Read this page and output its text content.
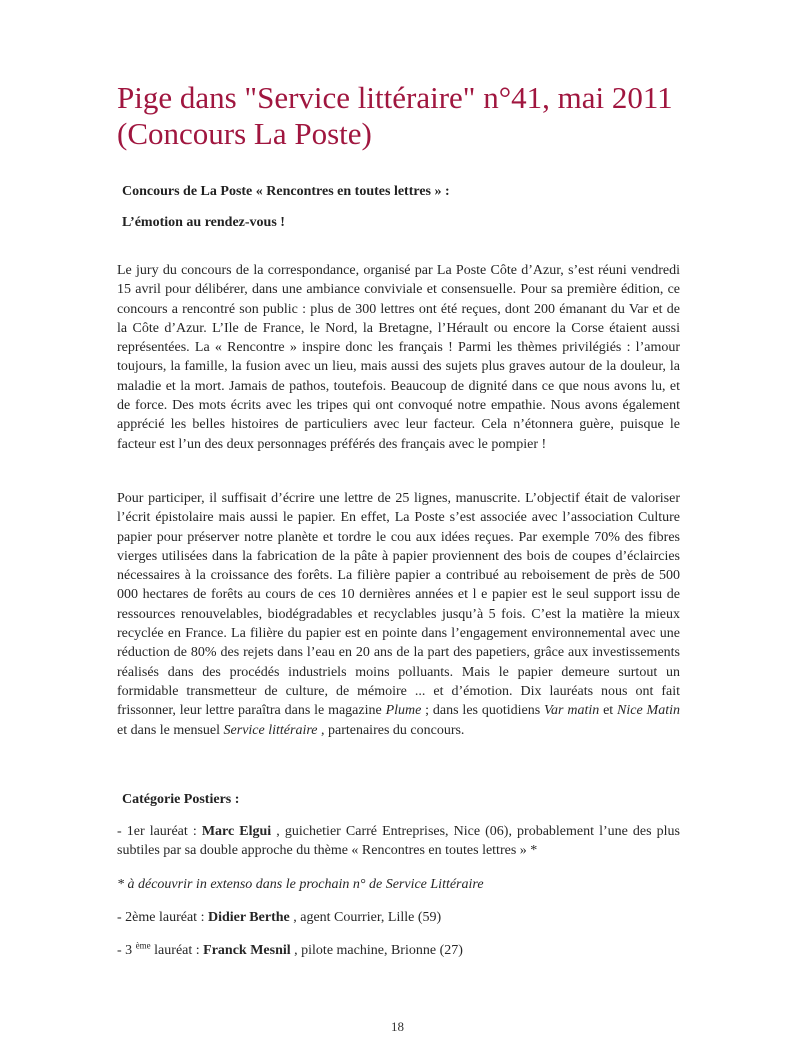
Pige dans "Service littéraire" n°41, mai 2011 (Concours La Poste)

Concours de La Poste « Rencontres en toutes lettres » :

L’émotion au rendez-vous !

Le jury du concours de la correspondance, organisé par La Poste Côte d’Azur, s’est réuni vendredi 15 avril pour délibérer, dans une ambiance conviviale et consensuelle. Pour sa première édition, ce concours a rencontré son public : plus de 300 lettres ont été reçues, dont 200 émanant du Var et de la Côte d’Azur. L’Ile de France, le Nord, la Bretagne, l’Hérault ou encore la Corse étaient aussi représentées. La « Rencontre » inspire donc les français ! Parmi les thèmes privilégiés : l’amour toujours, la famille, la fusion avec un lieu, mais aussi des sujets plus graves autour de la douleur, la maladie et la mort. Jamais de pathos, toutefois. Beaucoup de dignité dans ce que nous avons lu, et de force. Des mots écrits avec les tripes qui ont convoqué notre empathie. Nous avons également apprécié les belles histoires de particuliers avec leur facteur. Cela n’étonnera guère, puisque le facteur est l’un des deux personnages préférés des français avec le pompier !

Pour participer, il suffisait d’écrire une lettre de 25 lignes, manuscrite. L’objectif était de valoriser l’écrit épistolaire mais aussi le papier. En effet, La Poste s’est associée avec l’association Culture papier pour préserver notre planète et tordre le cou aux idées reçues. Par exemple 70% des fibres vierges utilisées dans la fabrication de la pâte à papier proviennent des bois de coupes d’éclaircies nécessaires à la croissance des forêts. La filière papier a contribué au reboisement de près de 500 000 hectares de forêts au cours de ces 10 dernières années et l e papier est le seul support issu de ressources renouvelables, biodégradables et recyclables jusqu’à 5 fois. C’est la matière la mieux recyclée en France. La filière du papier est en pointe dans l’engagement environnemental avec une réduction de 80% des rejets dans l’eau en 20 ans de la part des papetiers, grâce aux investissements réalisés dans des procédés industriels moins polluants. Mais le papier demeure surtout un formidable transmetteur de culture, de mémoire ... et d’émotion. Dix lauréats nous ont fait frissonner, leur lettre paraîtra dans le magazine Plume ; dans les quotidiens Var matin et Nice Matin et dans le mensuel Service littéraire , partenaires du concours.

Catégorie Postiers :

- 1er lauréat : Marc Elgui , guichetier Carré Entreprises, Nice (06), probablement l’une des plus subtiles par sa double approche du thème « Rencontres en toutes lettres » *

* à découvrir in extenso dans le prochain n° de Service Littéraire

- 2ème lauréat : Didier Berthe , agent Courrier, Lille (59)

- 3 $^{ème}$ lauréat : Franck Mesnil , pilote machine, Brionne (27)

18
